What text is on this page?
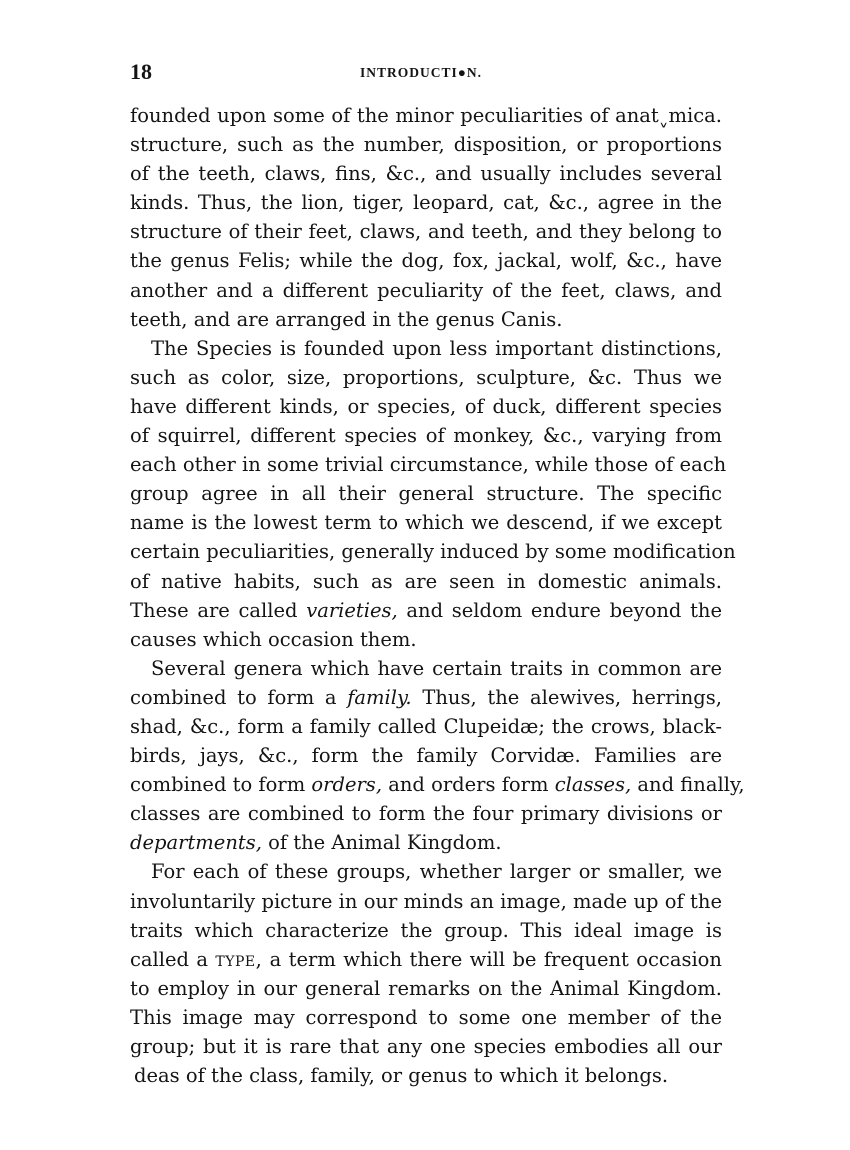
18	INTRODUCTI●N.
founded upon some of the minor peculiarities of anatˬmica.
structure, such as the number, disposition, or proportions
of the teeth, claws, fins, &c., and usually includes several
kinds. Thus, the lion, tiger, leopard, cat, &c., agree in the
structure of their feet, claws, and teeth, and they belong to
the genus Felis; while the dog, fox, jackal, wolf, &c., have
another and a different peculiarity of the feet, claws, and
teeth, and are arranged in the genus Canis.
The Species is founded upon less important distinctions,
such as color, size, proportions, sculpture, &c. Thus we
have different kinds, or species, of duck, different species
of squirrel, different species of monkey, &c., varying from
each other in some trivial circumstance, while those of each
group agree in all their general structure. The specific
name is the lowest term to which we descend, if we except
certain peculiarities, generally induced by some modification
of native habits, such as are seen in domestic animals.
These are called varieties, and seldom endure beyond the
causes which occasion them.
Several genera which have certain traits in common are
combined to form a family. Thus, the alewives, herrings,
shad, &c., form a family called Clupeidæ; the crows, black-
birds, jays, &c., form the family Corvidæ. Families are
combined to form orders, and orders form classes, and finally,
classes are combined to form the four primary divisions or
departments, of the Animal Kingdom.
For each of these groups, whether larger or smaller, we
involuntarily picture in our minds an image, made up of the
traits which characterize the group. This ideal image is
called a type, a term which there will be frequent occasion
to employ in our general remarks on the Animal Kingdom.
This image may correspond to some one member of the
group; but it is rare that any one species embodies all our
deas of the class, family, or genus to which it belongs.
